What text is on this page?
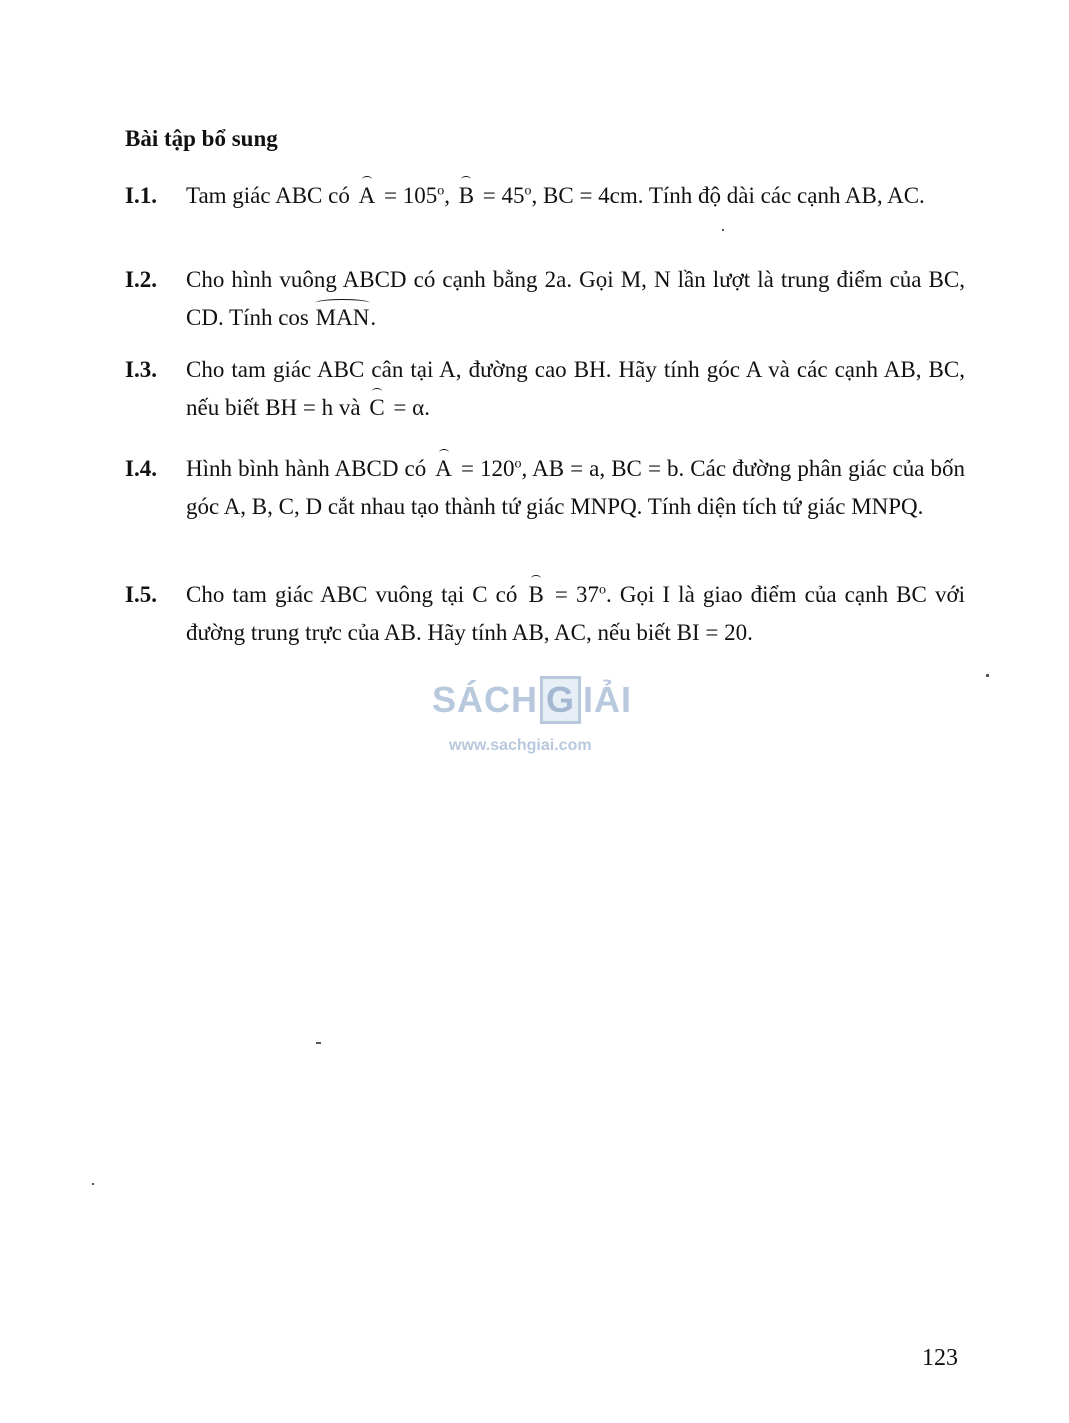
Bài tập bổ sung
I.1.	Tam giác ABC có $A = 105^o$, $B = 45^o$, BC = 4cm. Tính độ dài các cạnh AB, AC.
I.2.	Cho hình vuông ABCD có cạnh bằng 2a. Gọi M, N lần lượt là trung điểm của BC, CD. Tính cos MAN.
I.3.	Cho tam giác ABC cân tại A, đường cao BH. Hãy tính góc A và các cạnh AB, BC, nếu biết BH = h và C = α.
I.4.	Hình bình hành ABCD có $A = 120^o$, AB = a, BC = b. Các đường phân giác của bốn góc A, B, C, D cắt nhau tạo thành tứ giác MNPQ. Tính diện tích tứ giác MNPQ.
I.5.	Cho tam giác ABC vuông tại C có $B = 37^o$. Gọi I là giao điểm của cạnh BC với đường trung trực của AB. Hãy tính AB, AC, nếu biết BI = 20.
SÁCH G IẢI
www.sachgiai.com
123
